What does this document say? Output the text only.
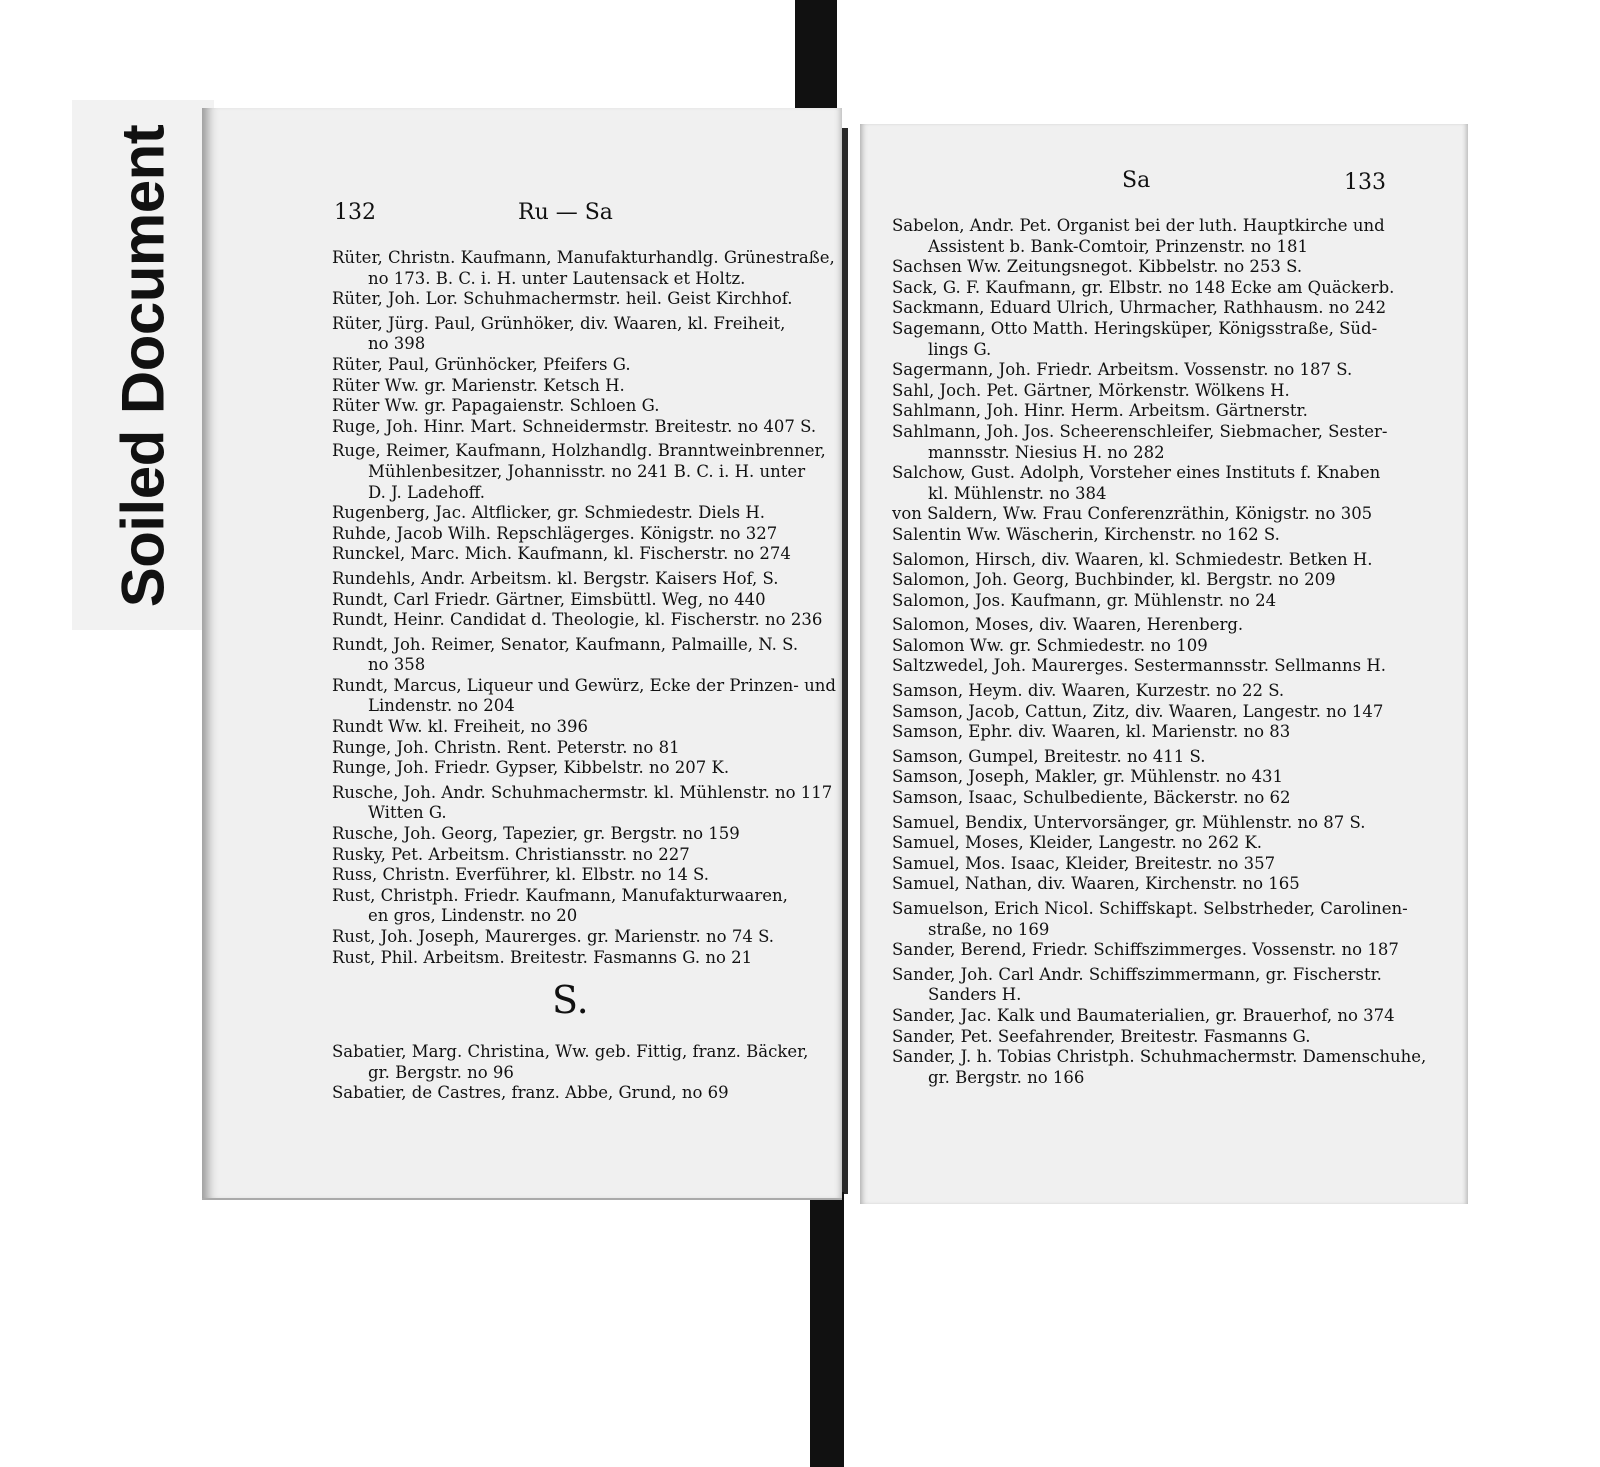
Soiled Document	132	Ru — Sa

Rüter, Christn. Kaufmann, Manufakturhandlg. Grünestraße,

no 173. B. C. i. H. unter Lautensack et Holtz.

Rüter, Joh. Lor. Schuhmachermstr. heil. Geist Kirchhof.

Rüter, Jürg. Paul, Grünhöker, div. Waaren, kl. Freiheit,

no 398

Rüter, Paul, Grünhöcker, Pfeifers G.

Rüter Ww. gr. Marienstr. Ketsch H.

Rüter Ww. gr. Papagaienstr. Schloen G.

Ruge, Joh. Hinr. Mart. Schneidermstr. Breitestr. no 407 S.

Ruge, Reimer, Kaufmann, Holzhandlg. Branntweinbrenner,

Mühlenbesitzer, Johannisstr. no 241 B. C. i. H. unter

D. J. Ladehoff.

Rugenberg, Jac. Altflicker, gr. Schmiedestr. Diels H.

Ruhde, Jacob Wilh. Repschlägerges. Königstr. no 327

Runckel, Marc. Mich. Kaufmann, kl. Fischerstr. no 274

Rundehls, Andr. Arbeitsm. kl. Bergstr. Kaisers Hof, S.

Rundt, Carl Friedr. Gärtner, Eimsbüttl. Weg, no 440

Rundt, Heinr. Candidat d. Theologie, kl. Fischerstr. no 236

Rundt, Joh. Reimer, Senator, Kaufmann, Palmaille, N. S.

no 358

Rundt, Marcus, Liqueur und Gewürz, Ecke der Prinzen- und

Lindenstr. no 204

Rundt Ww. kl. Freiheit, no 396

Runge, Joh. Christn. Rent. Peterstr. no 81

Runge, Joh. Friedr. Gypser, Kibbelstr. no 207 K.

Rusche, Joh. Andr. Schuhmachermstr. kl. Mühlenstr. no 117

Witten G.

Rusche, Joh. Georg, Tapezier, gr. Bergstr. no 159

Rusky, Pet. Arbeitsm. Christiansstr. no 227

Russ, Christn. Everführer, kl. Elbstr. no 14 S.

Rust, Christph. Friedr. Kaufmann, Manufakturwaaren,

en gros, Lindenstr. no 20

Rust, Joh. Joseph, Maurerges. gr. Marienstr. no 74 S.

Rust, Phil. Arbeitsm. Breitestr. Fasmanns G. no 21

S.

Sabatier, Marg. Christina, Ww. geb. Fittig, franz. Bäcker,

gr. Bergstr. no 96

Sabatier, de Castres, franz. Abbe, Grund, no 69

Sa	133

Sabelon, Andr. Pet. Organist bei der luth. Hauptkirche und

Assistent b. Bank-Comtoir, Prinzenstr. no 181

Sachsen Ww. Zeitungsnegot. Kibbelstr. no 253 S.

Sack, G. F. Kaufmann, gr. Elbstr. no 148 Ecke am Quäckerb.

Sackmann, Eduard Ulrich, Uhrmacher, Rathhausm. no 242

Sagemann, Otto Matth. Heringsküper, Königsstraße, Süd-

lings G.

Sagermann, Joh. Friedr. Arbeitsm. Vossenstr. no 187 S.

Sahl, Joch. Pet. Gärtner, Mörkenstr. Wölkens H.

Sahlmann, Joh. Hinr. Herm. Arbeitsm. Gärtnerstr.

Sahlmann, Joh. Jos. Scheerenschleifer, Siebmacher, Sester-

mannsstr. Niesius H. no 282

Salchow, Gust. Adolph, Vorsteher eines Instituts f. Knaben

kl. Mühlenstr. no 384

von Saldern, Ww. Frau Conferenzräthin, Königstr. no 305

Salentin Ww. Wäscherin, Kirchenstr. no 162 S.

Salomon, Hirsch, div. Waaren, kl. Schmiedestr. Betken H.

Salomon, Joh. Georg, Buchbinder, kl. Bergstr. no 209

Salomon, Jos. Kaufmann, gr. Mühlenstr. no 24

Salomon, Moses, div. Waaren, Herenberg.

Salomon Ww. gr. Schmiedestr. no 109

Saltzwedel, Joh. Maurerges. Sestermannsstr. Sellmanns H.

Samson, Heym. div. Waaren, Kurzestr. no 22 S.

Samson, Jacob, Cattun, Zitz, div. Waaren, Langestr. no 147

Samson, Ephr. div. Waaren, kl. Marienstr. no 83

Samson, Gumpel, Breitestr. no 411 S.

Samson, Joseph, Makler, gr. Mühlenstr. no 431

Samson, Isaac, Schulbediente, Bäckerstr. no 62

Samuel, Bendix, Untervorsänger, gr. Mühlenstr. no 87 S.

Samuel, Moses, Kleider, Langestr. no 262 K.

Samuel, Mos. Isaac, Kleider, Breitestr. no 357

Samuel, Nathan, div. Waaren, Kirchenstr. no 165

Samuelson, Erich Nicol. Schiffskapt. Selbstrheder, Carolinen-

straße, no 169

Sander, Berend, Friedr. Schiffszimmerges. Vossenstr. no 187

Sander, Joh. Carl Andr. Schiffszimmermann, gr. Fischerstr.

Sanders H.

Sander, Jac. Kalk und Baumaterialien, gr. Brauerhof, no 374

Sander, Pet. Seefahrender, Breitestr. Fasmanns G.

Sander, J. h. Tobias Christph. Schuhmachermstr. Damenschuhe,

gr. Bergstr. no 166
